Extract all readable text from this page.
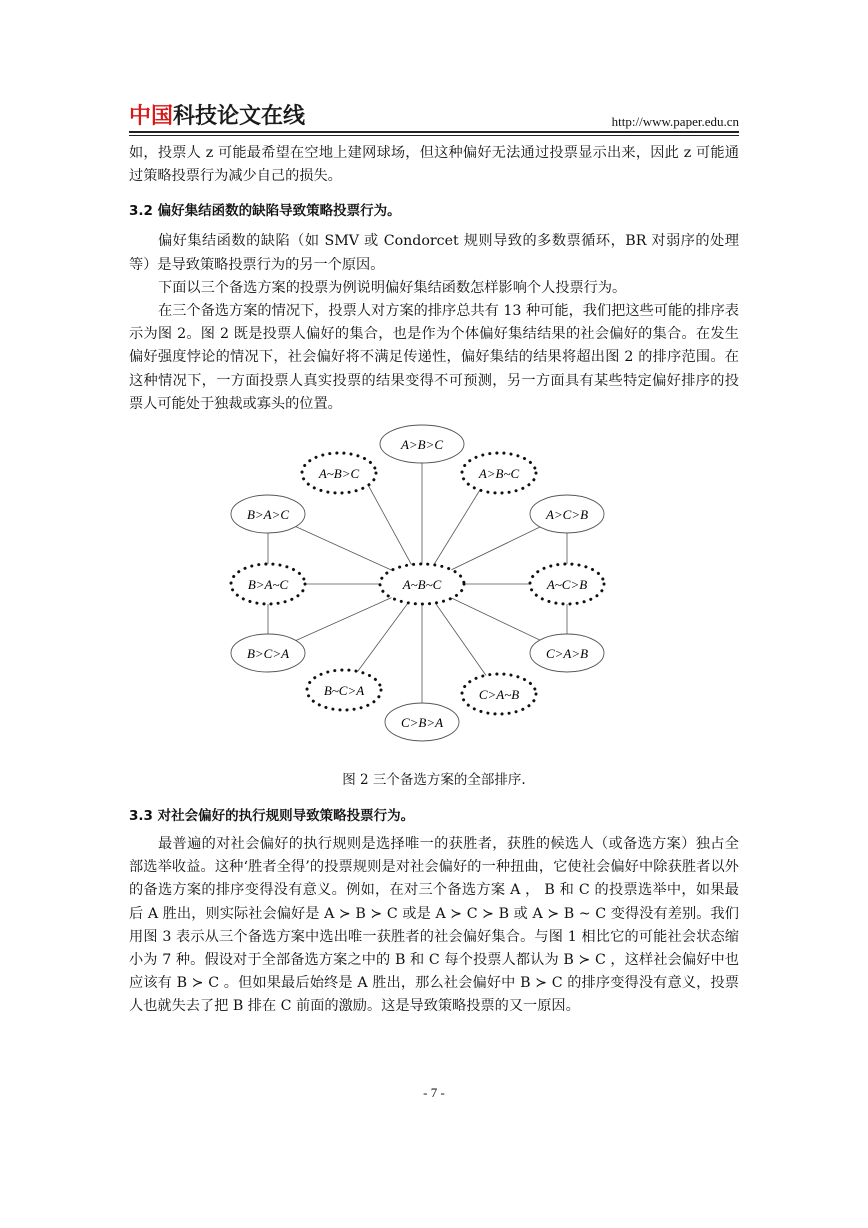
中国科技论文在线	http://www.paper.edu.cn

如，投票人 z 可能最希望在空地上建网球场，但这种偏好无法通过投票显示出来，因此 z 可能通过策略投票行为减少自己的损失。

3.2 偏好集结函数的缺陷导致策略投票行为。

偏好集结函数的缺陷（如 SMV 或 Condorcet 规则导致的多数票循环，BR 对弱序的处理等）是导致策略投票行为的另一个原因。

下面以三个备选方案的投票为例说明偏好集结函数怎样影响个人投票行为。

在三个备选方案的情况下，投票人对方案的排序总共有 13 种可能，我们把这些可能的排序表示为图 2。图 2 既是投票人偏好的集合，也是作为个体偏好集结结果的社会偏好的集合。在发生偏好强度悖论的情况下，社会偏好将不满足传递性，偏好集结的结果将超出图 2 的排序范围。在这种情况下，一方面投票人真实投票的结果变得不可预测，另一方面具有某些特定偏好排序的投票人可能处于独裁或寡头的位置。

A>B>C
A~B>C	A>B~C
B>A>C	A>C>B
B>A~C	A~B~C	A~C>B
B>C>A	C>A>B
B~C>A	C>A~B
C>B>A

图 2 三个备选方案的全部排序.

3.3 对社会偏好的执行规则导致策略投票行为。

最普遍的对社会偏好的执行规则是选择唯一的获胜者，获胜的候选人（或备选方案）独占全部选举收益。这种‘胜者全得’的投票规则是对社会偏好的一种扭曲，它使社会偏好中除获胜者以外的备选方案的排序变得没有意义。例如，在对三个备选方案 A ， B 和 C 的投票选举中，如果最后 A 胜出，则实际社会偏好是 A ≻ B ≻ C 或是 A ≻ C ≻ B 或 A ≻ B ~ C 变得没有差别。我们用图 3 表示从三个备选方案中选出唯一获胜者的社会偏好集合。与图 1 相比它的可能社会状态缩小为 7 种。假设对于全部备选方案之中的 B 和 C 每个投票人都认为 B ≻ C ，这样社会偏好中也应该有 B ≻ C 。但如果最后始终是 A 胜出，那么社会偏好中 B ≻ C 的排序变得没有意义，投票人也就失去了把 B 排在 C 前面的激励。这是导致策略投票的又一原因。

- 7 -
